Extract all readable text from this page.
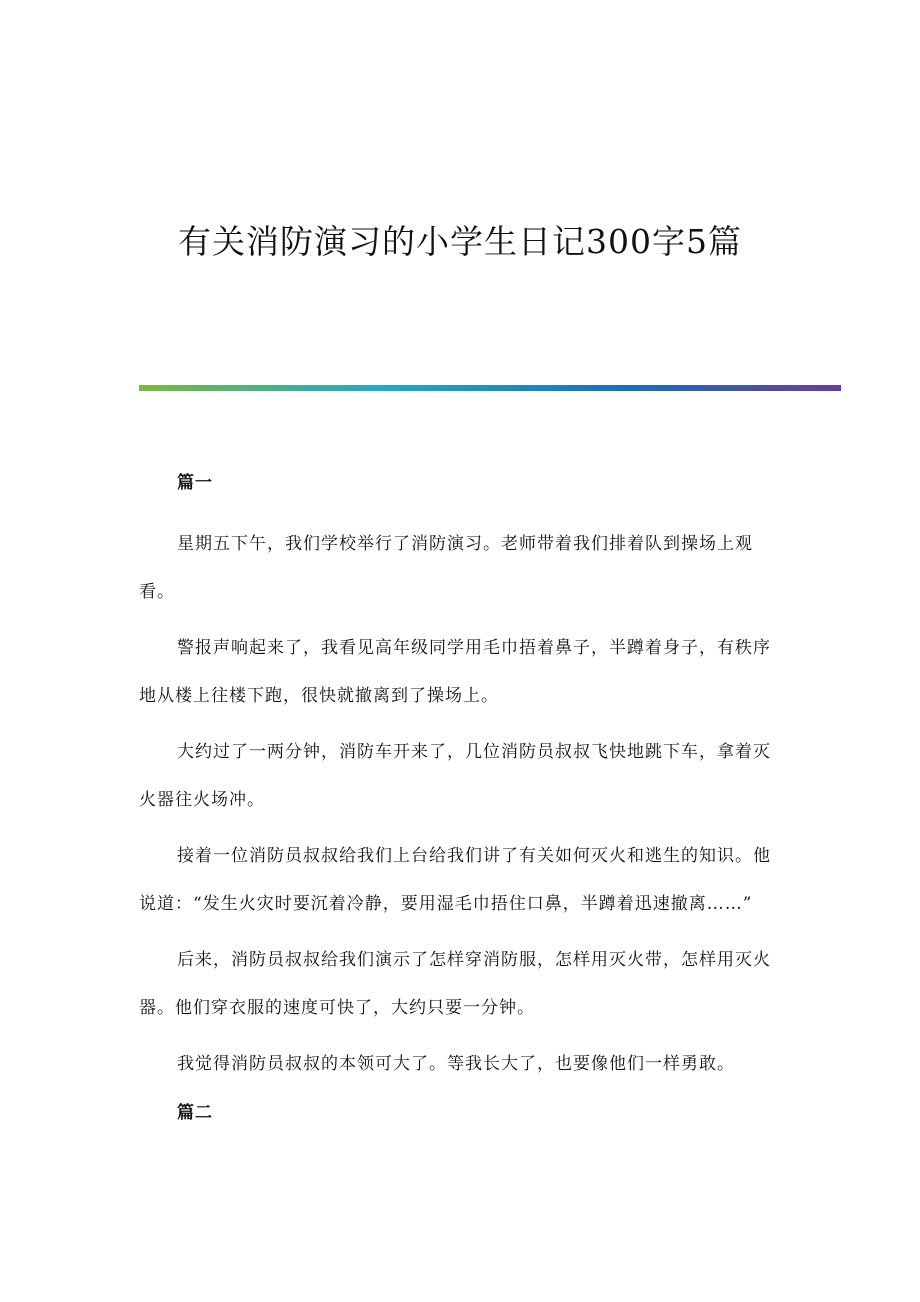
有关消防演习的小学生日记300字5篇

篇一

星期五下午，我们学校举行了消防演习。老师带着我们排着队到操场上观看。

警报声响起来了，我看见高年级同学用毛巾捂着鼻子，半蹲着身子，有秩序地从楼上往楼下跑，很快就撤离到了操场上。

大约过了一两分钟，消防车开来了，几位消防员叔叔飞快地跳下车，拿着灭火器往火场冲。

接着一位消防员叔叔给我们上台给我们讲了有关如何灭火和逃生的知识。他说道：“发生火灾时要沉着冷静，要用湿毛巾捂住口鼻，半蹲着迅速撤离……”

后来，消防员叔叔给我们演示了怎样穿消防服，怎样用灭火带，怎样用灭火器。他们穿衣服的速度可快了，大约只要一分钟。

我觉得消防员叔叔的本领可大了。等我长大了，也要像他们一样勇敢。

篇二
